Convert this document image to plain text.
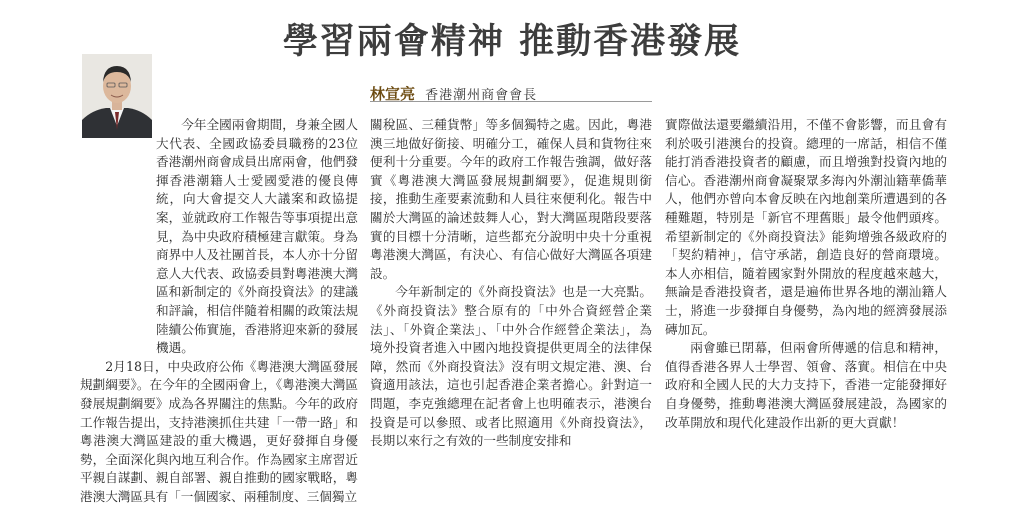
學習兩會精神 推動香港發展
林宣亮 香港潮州商會會長

今年全國兩會期間，身兼全國人大代表、全國政協委員職務的23位香港潮州商會成員出席兩會，他們發揮香港潮籍人士愛國愛港的優良傳統，向大會提交人大議案和政協提案，並就政府工作報告等事項提出意見，為中央政府積極建言獻策。身為商界中人及社團首長，本人亦十分留意人大代表、政協委員對粵港澳大灣區和新制定的《外商投資法》的建議和評論，相信伴隨着相關的政策法規陸續公佈實施，香港將迎來新的發展機遇。

2月18日，中央政府公佈《粵港澳大灣區發展規劃綱要》。在今年的全國兩會上，《粵港澳大灣區發展規劃綱要》成為各界關注的焦點。今年的政府工作報告提出，支持港澳抓住共建「一帶一路」和粵港澳大灣區建設的重大機遇，更好發揮自身優勢，全面深化與內地互利合作。作為國家主席習近平親自謀劃、親自部署、親自推動的國家戰略，粵港澳大灣區具有「一個國家、兩種制度、三個獨立

關稅區、三種貨幣」等多個獨特之處。因此，粵港澳三地做好銜接、明確分工，確保人員和貨物往來便利十分重要。今年的政府工作報告強調，做好落實《粵港澳大灣區發展規劃綱要》，促進規則銜接，推動生產要素流動和人員往來便利化。報告中關於大灣區的論述鼓舞人心，對大灣區現階段要落實的目標十分清晰，這些都充分說明中央十分重視粵港澳大灣區，有決心、有信心做好大灣區各項建設。

今年新制定的《外商投資法》也是一大亮點。《外商投資法》整合原有的「中外合資經營企業法」、「外資企業法」、「中外合作經營企業法」，為境外投資者進入中國內地投資提供更周全的法律保障，然而《外商投資法》沒有明文規定港、澳、台資適用該法，這也引起香港企業者擔心。針對這一問題，李克強總理在記者會上也明確表示，港澳台投資是可以參照、或者比照適用《外商投資法》，長期以來行之有效的一些制度安排和

實際做法還要繼續沿用，不僅不會影響，而且會有利於吸引港澳台的投資。總理的一席話，相信不僅能打消香港投資者的顧慮，而且增強對投資內地的信心。香港潮州商會凝聚眾多海內外潮汕籍華僑華人，他們亦曾向本會反映在內地創業所遭遇到的各種難題，特別是「新官不理舊賬」最令他們頭疼。希望新制定的《外商投資法》能夠增強各級政府的「契約精神」，信守承諾，創造良好的營商環境。本人亦相信，隨着國家對外開放的程度越來越大，無論是香港投資者，還是遍佈世界各地的潮汕籍人士，將進一步發揮自身優勢，為內地的經濟發展添磚加瓦。

兩會雖已閉幕，但兩會所傳遞的信息和精神，值得香港各界人士學習、領會、落實。相信在中央政府和全國人民的大力支持下，香港一定能發揮好自身優勢，推動粵港澳大灣區發展建設，為國家的改革開放和現代化建設作出新的更大貢獻！
